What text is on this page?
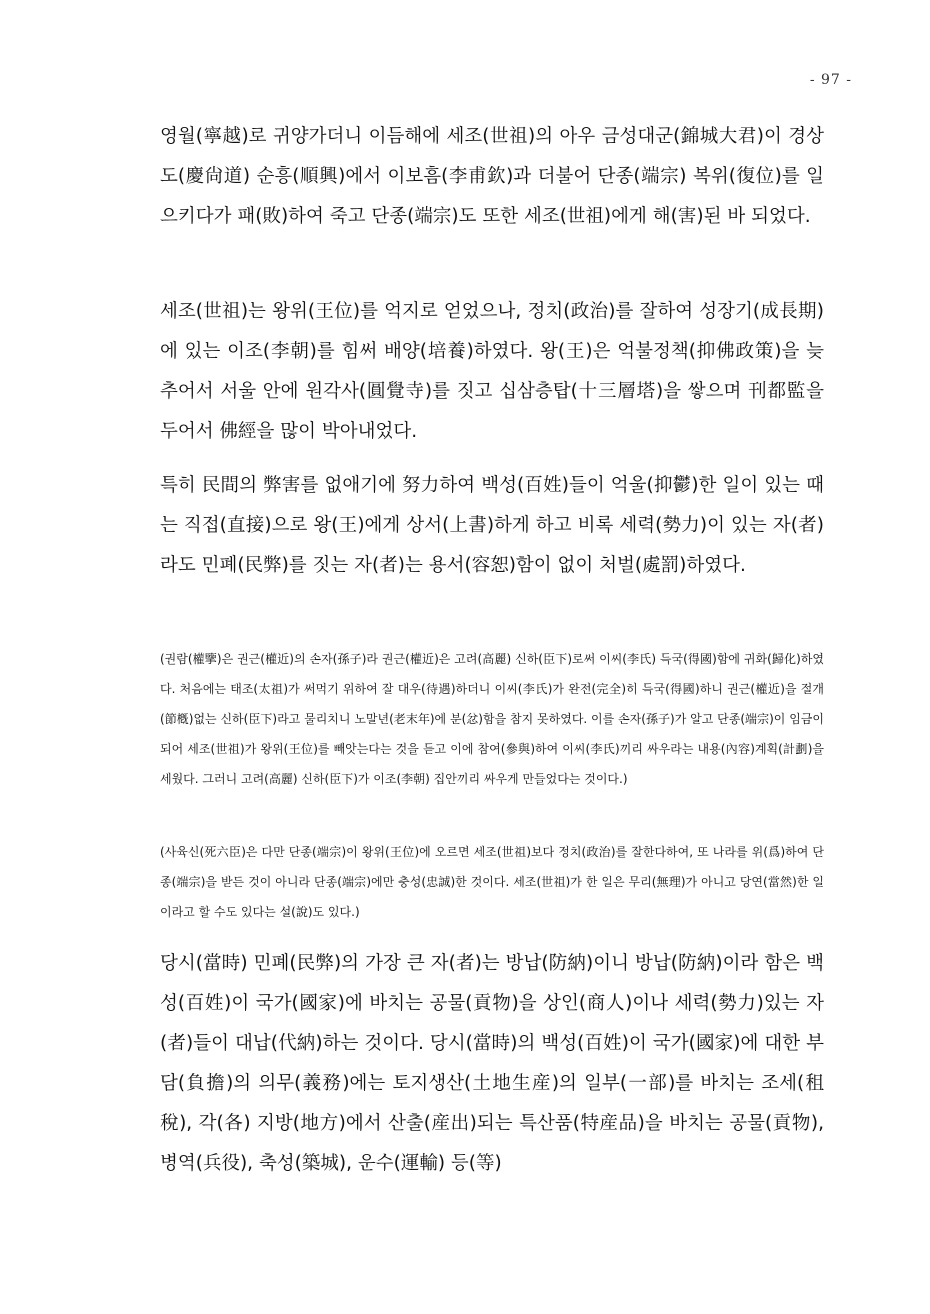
- 97 -

영월(寧越)로 귀양가더니 이듬해에 세조(世祖)의 아우 금성대군(錦城大君)이 경상도(慶尙道) 순흥(順興)에서 이보흠(李甫欽)과 더불어 단종(端宗) 복위(復位)를 일으키다가 패(敗)하여 죽고 단종(端宗)도 또한 세조(世祖)에게 해(害)된 바 되었다.

세조(世祖)는 왕위(王位)를 억지로 얻었으나, 정치(政治)를 잘하여 성장기(成長期)에 있는 이조(李朝)를 힘써 배양(培養)하였다. 왕(王)은 억불정책(抑佛政策)을 늦추어서 서울 안에 원각사(圓覺寺)를 짓고 십삼층탑(十三層塔)을 쌓으며 刊都監을 두어서 佛經을 많이 박아내었다.

특히 民間의 弊害를 없애기에 努力하여 백성(百姓)들이 억울(抑鬱)한 일이 있는 때는 직접(直接)으로 왕(王)에게 상서(上書)하게 하고 비록 세력(勢力)이 있는 자(者)라도 민폐(民弊)를 짓는 자(者)는 용서(容恕)함이 없이 처벌(處罰)하였다.

(권람(權擥)은 권근(權近)의 손자(孫子)라 권근(權近)은 고려(高麗) 신하(臣下)로써 이씨(李氏) 득국(得國)함에 귀화(歸化)하였다. 처음에는 태조(太祖)가 써먹기 위하여 잘 대우(待遇)하더니 이씨(李氏)가 완전(完全)히 득국(得國)하니 권근(權近)을 절개(節槪)없는 신하(臣下)라고 물리치니 노말년(老末年)에 분(忿)함을 참지 못하였다. 이를 손자(孫子)가 알고 단종(端宗)이 임금이 되어 세조(世祖)가 왕위(王位)를 빼앗는다는 것을 듣고 이에 참여(參與)하여 이씨(李氏)끼리 싸우라는 내용(內容)계획(計劃)을 세웠다. 그러니 고려(高麗) 신하(臣下)가 이조(李朝) 집안끼리 싸우게 만들었다는 것이다.)

(사육신(死六臣)은 다만 단종(端宗)이 왕위(王位)에 오르면 세조(世祖)보다 정치(政治)를 잘한다하여, 또 나라를 위(爲)하여 단종(端宗)을 받든 것이 아니라 단종(端宗)에만 충성(忠誠)한 것이다. 세조(世祖)가 한 일은 무리(無理)가 아니고 당연(當然)한 일이라고 할 수도 있다는 설(說)도 있다.)

당시(當時) 민폐(民弊)의 가장 큰 자(者)는 방납(防納)이니 방납(防納)이라 함은 백성(百姓)이 국가(國家)에 바치는 공물(貢物)을 상인(商人)이나 세력(勢力)있는 자(者)들이 대납(代納)하는 것이다. 당시(當時)의 백성(百姓)이 국가(國家)에 대한 부담(負擔)의 의무(義務)에는 토지생산(土地生産)의 일부(一部)를 바치는 조세(租稅), 각(各) 지방(地方)에서 산출(産出)되는 특산품(特産品)을 바치는 공물(貢物), 병역(兵役), 축성(築城), 운수(運輸) 등(等)
